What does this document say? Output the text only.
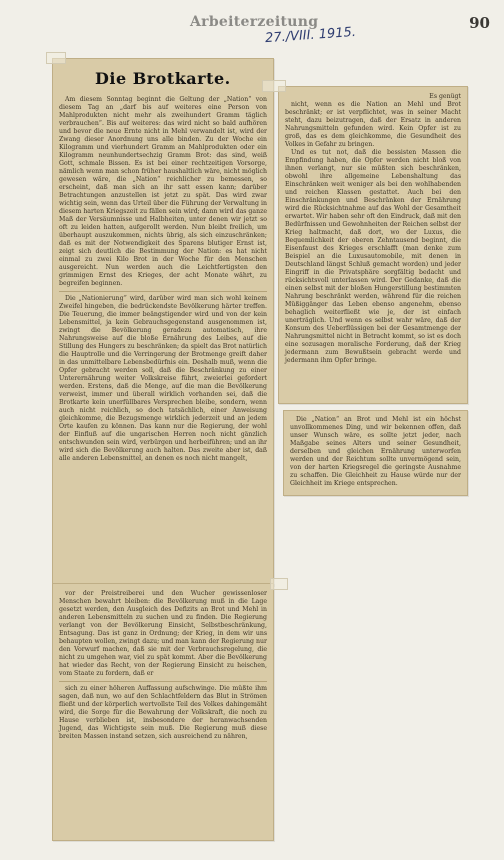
Arbeiterzeitung	90
27./VIII. 1915.
Die Brotkarte.

Am diesem Sonntag beginnt die Geltung der „Nation“ von diesem Tag an „darf bis auf weiteres eine Person von Mahlprodukten nicht mehr als zweihundert Gramm täglich verbrauchen“. Bis auf weiteres: das wird nicht so bald aufhören und bevor die neue Ernte nicht in Mehl verwandelt ist, wird der Zwang dieser Anordnung uns alle binden. Zu der Woche ein Kilogramm und vierhundert Gramm an Mahlprodukten oder ein Kilogramm neunhundertsechzig Gramm Brot: das sind, weiß Gott, schmale Bissen. Es ist bei einer rechtzeitigen Vorsorge, nämlich wenn man schon früher haushaltlich wäre, nicht möglich gewesen wäre, die „Nation“ reichlicher zu bemessen, so erscheint, daß man sich an ihr satt essen kann; darüber Betrachtungen anzustellen ist jetzt zu spät. Das wird zwar wichtig sein, wenn das Urteil über die Führung der Verwaltung in diesem harten Kriegszeit zu fällen sein wird; dann wird das ganze Maß der Versäumnisse und Halbheiten, unter denen wir jetzt so oft zu leiden hatten, aufgerollt werden. Nun bleibt freilich, um überhaupt auszukommen, nichts übrig, als sich einzuschränken; daß es mit der Notwendigkeit des Sparens blutiger Ernst ist, zeigt sich deutlich die Bestimmung der Nation: es hat nicht einmal zu zwei Kilo Brot in der Woche für den Menschen ausgereicht. Nun werden auch die Leichtfertigsten den grimmigen Ernst des Krieges, der acht Monate währt, zu begreifen beginnen.

Die „Nationierung“ wird, darüber wird man sich wohl keinem Zweifel hingeben, die bedrückendste Bevölkerung härter treffen. Die Teuerung, die immer beängstigender wird und von der kein Lebensmittel, ja kein Gebrauchsgegenstand ausgenommen ist, zwingt die Bevölkerung geradezu automatisch, ihre Nahrungsweise auf die bloße Ernährung des Leibes, auf die Stillung des Hungers zu beschränken; da spielt das Brot natürlich die Hauptrolle und die Verringerung der Brotmenge greift daher in das unmittelbare Lebensbedürfnis ein. Deshalb muß, wenn die Opfer gebracht werden soll, daß die Beschränkung zu einer Unterernährung weiter Volkskreise führt, zweierlei gefordert werden. Erstens, daß die Menge, auf die man die Bevölkerung verweist, immer und überall wirklich vorhanden sei, daß die Brotkarte kein unerfüllbares Versprechen bleibe, sondern, wenn auch nicht reichlich, so doch tatsächlich, einer Anweisung gleichkomme, die Bezugsmenge wirklich jederzeit und an jedem Orte kaufen zu können. Das kann nur die Regierung, der wohl der Einfluß auf die ungarischen Herren noch nicht gänzlich entschwunden sein wird, verbürgen und herbeiführen; und an ihr wird sich die Bevölkerung auch halten. Das zweite aber ist, daß alle anderen Lebensmittel, an denen es noch nicht mangelt,

Es genügt

nicht, wenn es die Nation an Mehl und Brot beschränkt; er ist verpflichtet, was in seiner Macht steht, dazu beizutragen, daß der Ersatz in anderen Nahrungsmitteln gefunden wird. Kein Opfer ist zu groß, das es dem gleichkomme, die Gesundheit des Volkes in Gefahr zu bringen.

Und es tut not, daß die bessisten Massen die Empfindung haben, die Opfer werden nicht bloß von ihnen verlangt, nur sie müßten sich beschränken, obwohl ihre allgemeine Lebenshaltung das Einschränken weit weniger als bei den wohlhabenden und reichen Klassen gestattet. Auch bei den Einschränkungen und Beschränken der Ernährung wird die Rücksichtnahme auf das Wohl der Gesamtheit erwartet. Wir haben sehr oft den Eindruck, daß mit den Bedürfnissen und Gewohnheiten der Reichen selbst der Krieg haltmacht, daß dort, wo der Luxus, die Bequemlichkeit der oberen Zehntausend beginnt, die Eisenfaust des Krieges erschlafft (man denke zum Beispiel an die Luxusautomobile, mit denen in Deutschland längst Schluß gemacht worden) und jeder Eingriff in die Privatsphäre sorgfältig bedacht und rücksichtsvoll unterlassen wird. Der Gedanke, daß die einen selbst mit der bloßen Hungerstillung bestimmten Nahrung beschränkt werden, während für die reichen Müßiggänger das Leben ebenso angenehm, ebenso behaglich weiterfließt wie je, der ist einfach unerträglich. Und wenn es selbst wahr wäre, daß der Konsum des Ueberflüssigen bei der Gesamtmenge der Nahrungsmittel nicht in Betracht kommt, so ist es doch eine sozusagen moralische Forderung, daß der Krieg jedermann zum Bewußtsein gebracht werde und jedermann ihm Opfer bringe.

Die „Nation“ an Brot und Mehl ist ein höchst unvollkommenes Ding, und wir bekennen offen, daß unser Wunsch wäre, es sollte jetzt jeder, nach Maßgabe seines Alters und seiner Gesundheit, derselben und gleichen Ernährung unterworfen werden und der Reichtum sollte unvermögend sein, von der harten Kriegsregel die geringste Ausnahme zu schaffen. Die Gleichheit zu Hause würde nur der Gleichheit im Kriege entsprechen.

vor der Preistreiberei und den Wucher gewissenloser Menschen bewahrt bleiben: die Bevölkerung muß in die Lage gesetzt werden, den Ausgleich des Defizits an Brot und Mehl in anderen Lebensmitteln zu suchen und zu finden. Die Regierung verlangt von der Bevölkerung Einsicht, Selbstbeschränkung, Entsagung. Das ist ganz in Ordnung; der Krieg, in dem wir uns behaupten wollen, zwingt dazu; und man kann der Regierung nur den Vorwurf machen, daß sie mit der Verbrauchsregelung, die nicht zu umgehen war, viel zu spät kommt. Aber die Bevölkerung hat wieder das Recht, von der Regierung Einsicht zu heischen, vom Staate zu fordern, daß er

sich zu einer höheren Auffassung aufschwinge. Die müßte ihm sagen, daß nun, wo auf den Schlachtfeldern das Blut in Strömen fließt und der körperlich wertvollste Teil des Volkes dahingemäht wird, die Sorge für die Bewahrung der Volkskraft, die noch zu Hause verblieben ist, insbesondere der heranwachsenden Jugend, das Wichtigste sein muß. Die Regierung muß diese breiten Massen instand setzen, sich ausreichend zu nähren,
